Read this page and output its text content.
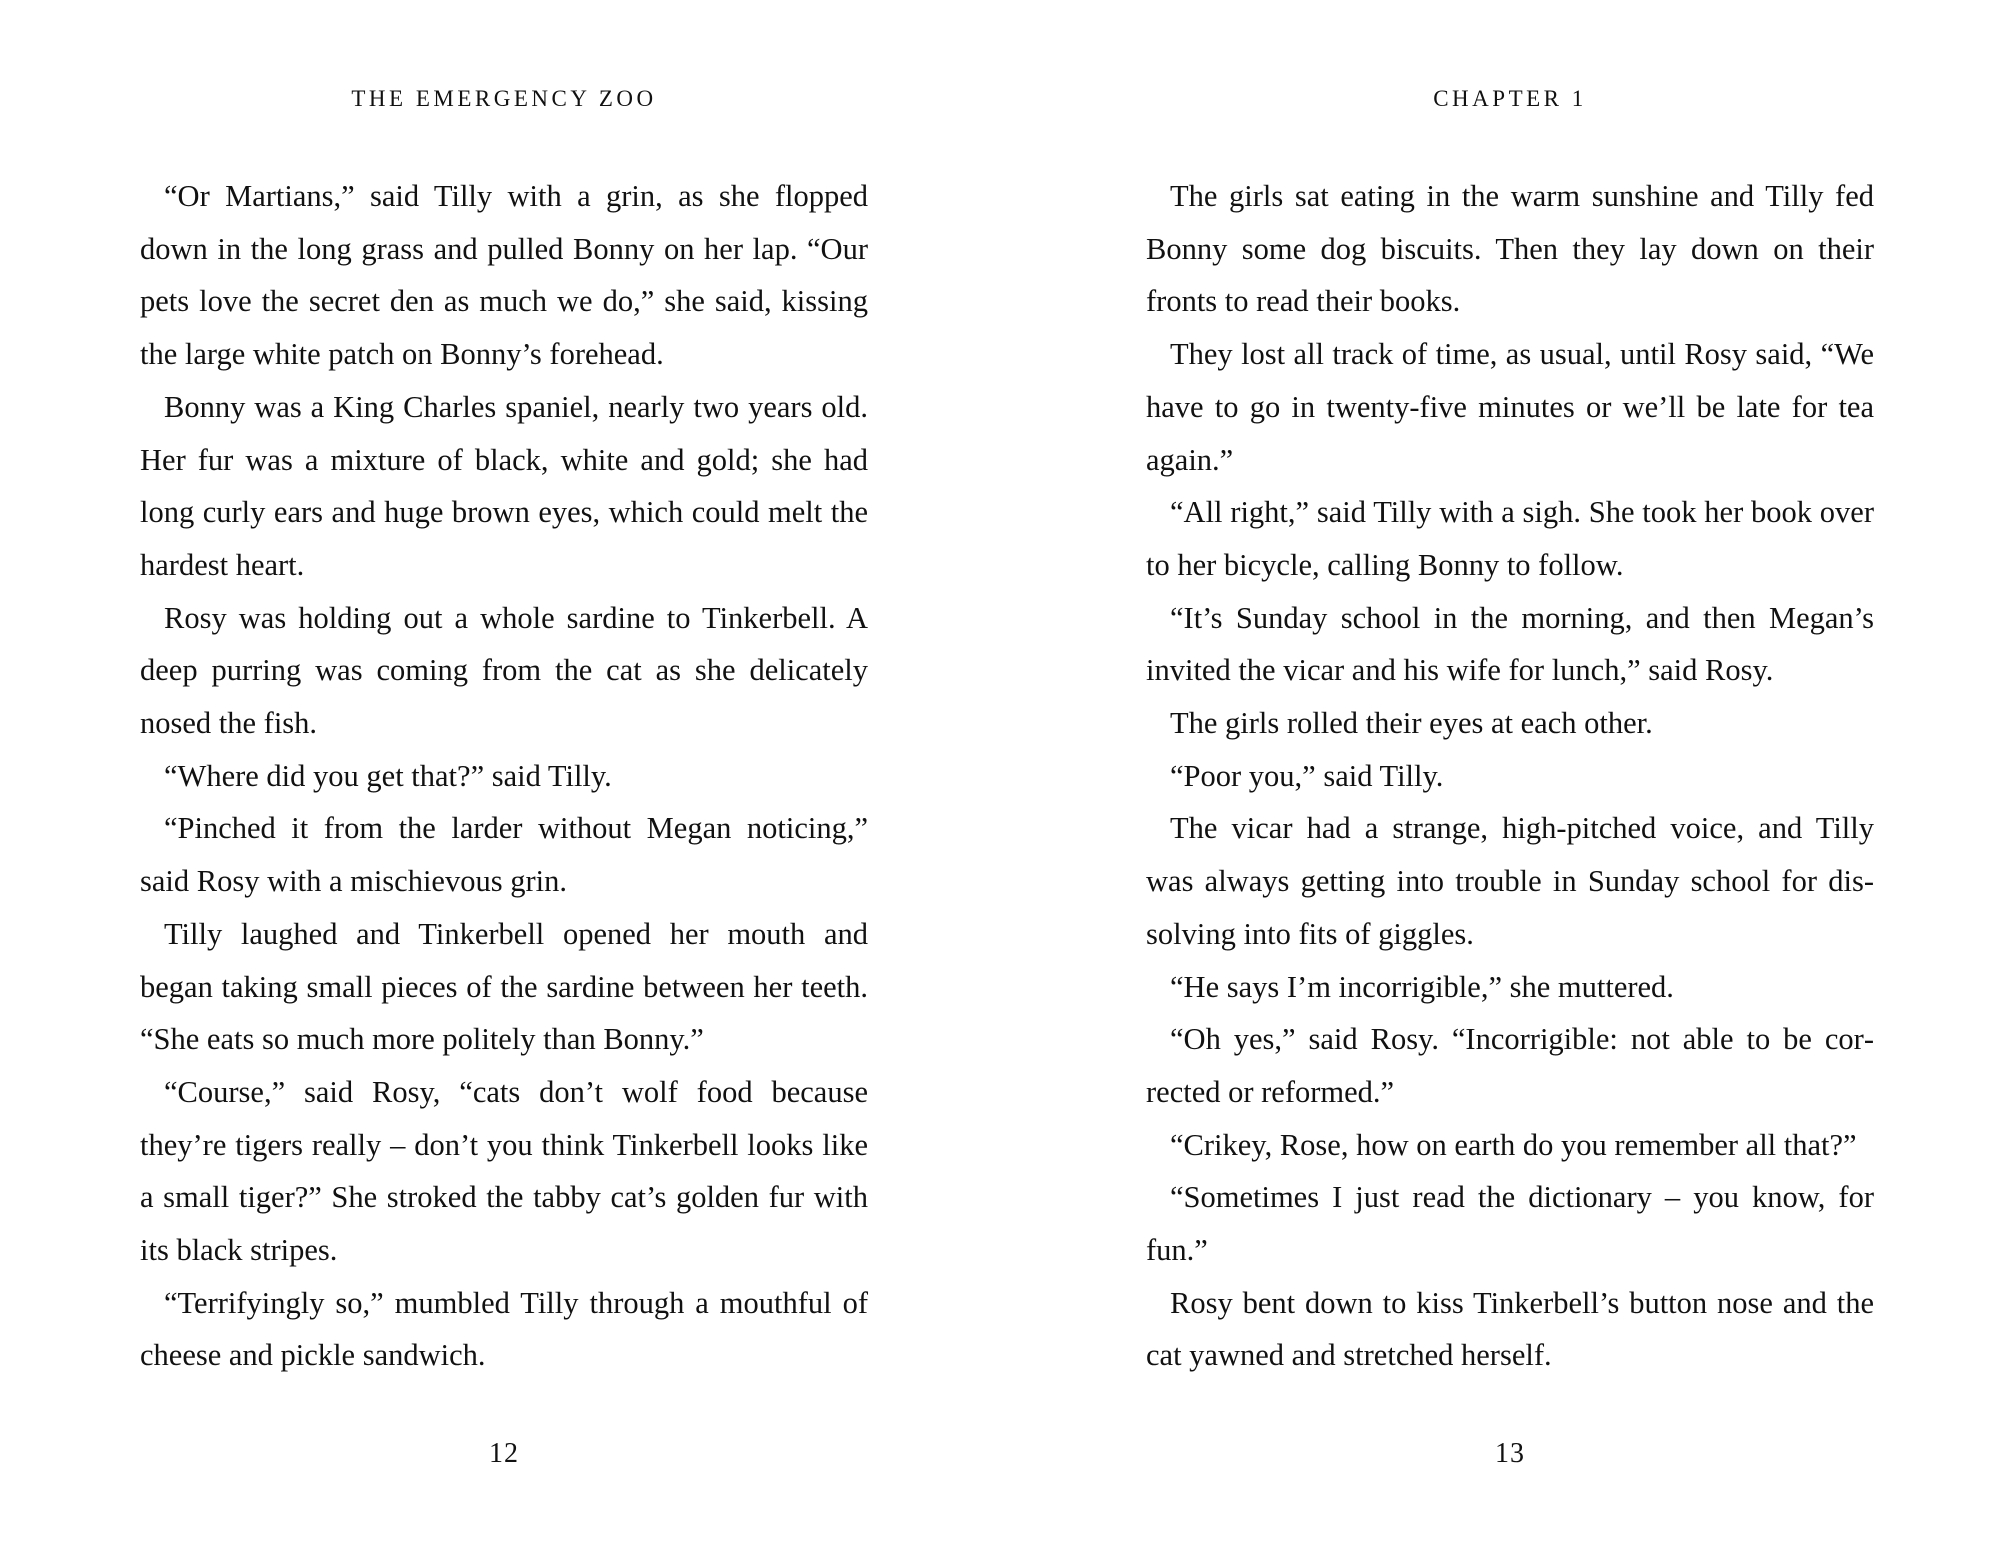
THE EMERGENCY ZOO

“Or Martians,” said Tilly with a grin, as she flopped down in the long grass and pulled Bonny on her lap. “Our pets love the secret den as much we do,” she said, kissing the large white patch on Bonny’s forehead.

Bonny was a King Charles spaniel, nearly two years old. Her fur was a mixture of black, white and gold; she had long curly ears and huge brown eyes, which could melt the hardest heart.

Rosy was holding out a whole sardine to Tinkerbell. A deep purring was coming from the cat as she delicately nosed the fish.

“Where did you get that?” said Tilly.

“Pinched it from the larder without Megan noticing,” said Rosy with a mischievous grin.

Tilly laughed and Tinkerbell opened her mouth and began taking small pieces of the sardine between her teeth. “She eats so much more politely than Bonny.”

“Course,” said Rosy, “cats don’t wolf food because they’re tigers really – don’t you think Tinkerbell looks like a small tiger?” She stroked the tabby cat’s golden fur with its black stripes.

“Terrifyingly so,” mumbled Tilly through a mouthful of cheese and pickle sandwich.

12
CHAPTER 1

The girls sat eating in the warm sunshine and Tilly fed Bonny some dog biscuits. Then they lay down on their fronts to read their books.

They lost all track of time, as usual, until Rosy said, “We have to go in twenty-five minutes or we’ll be late for tea again.”

“All right,” said Tilly with a sigh. She took her book over to her bicycle, calling Bonny to follow.

“It’s Sunday school in the morning, and then Megan’s invited the vicar and his wife for lunch,” said Rosy.

The girls rolled their eyes at each other.

“Poor you,” said Tilly.

The vicar had a strange, high-pitched voice, and Tilly was always getting into trouble in Sunday school for dissolving into fits of giggles.

“He says I’m incorrigible,” she muttered.

“Oh yes,” said Rosy. “Incorrigible: not able to be corrected or reformed.”

“Crikey, Rose, how on earth do you remember all that?”

“Sometimes I just read the dictionary – you know, for fun.”

Rosy bent down to kiss Tinkerbell’s button nose and the cat yawned and stretched herself.

13
